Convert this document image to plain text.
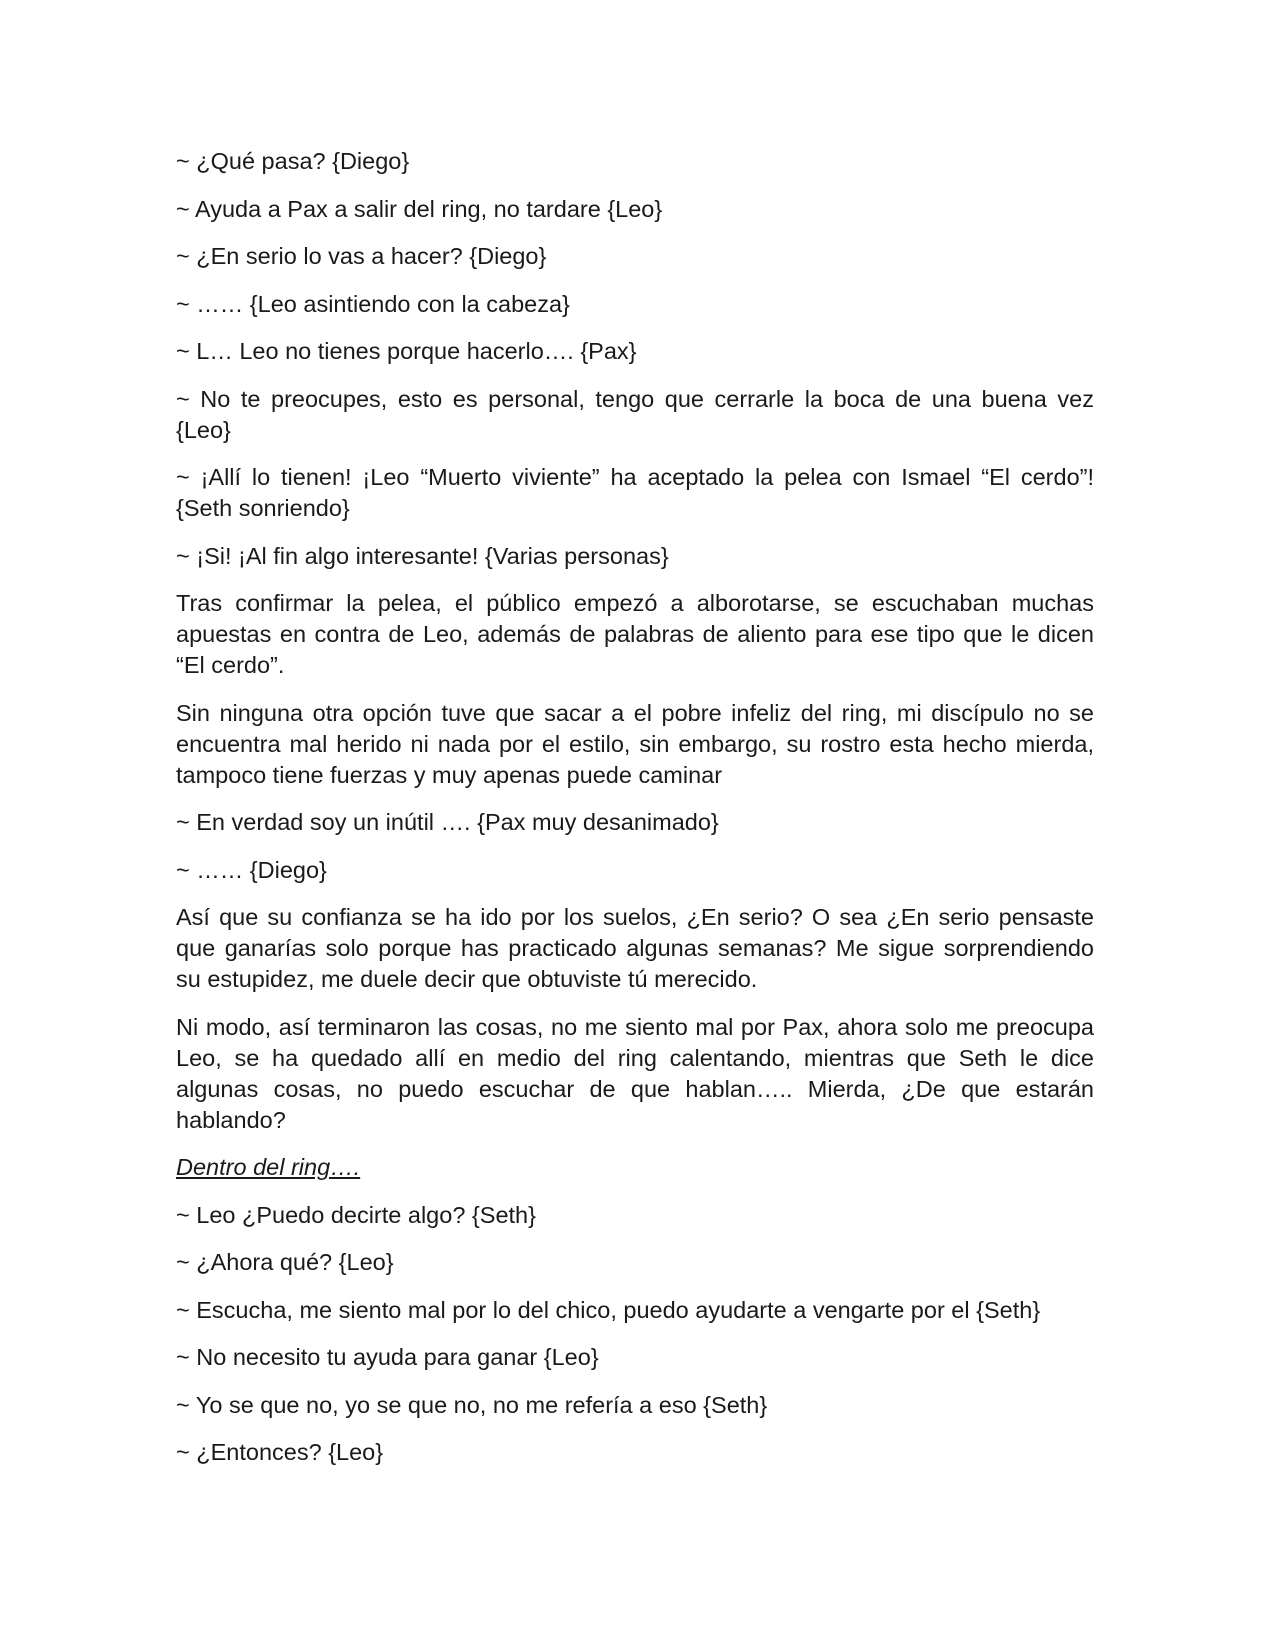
~ ¿Qué pasa? {Diego}

~ Ayuda a Pax a salir del ring, no tardare {Leo}

~ ¿En serio lo vas a hacer? {Diego}

~ …… {Leo asintiendo con la cabeza}

~ L… Leo no tienes porque hacerlo…. {Pax}

~ No te preocupes, esto es personal, tengo que cerrarle la boca de una buena vez {Leo}

~ ¡Allí lo tienen! ¡Leo “Muerto viviente” ha aceptado la pelea con Ismael “El cerdo”! {Seth sonriendo}

~ ¡Si! ¡Al fin algo interesante! {Varias personas}

Tras confirmar la pelea, el público empezó a alborotarse, se escuchaban muchas apuestas en contra de Leo, además de palabras de aliento para ese tipo que le dicen “El cerdo”.

Sin ninguna otra opción tuve que sacar a el pobre infeliz del ring, mi discípulo no se encuentra mal herido ni nada por el estilo, sin embargo, su rostro esta hecho mierda, tampoco tiene fuerzas y muy apenas puede caminar

~ En verdad soy un inútil …. {Pax muy desanimado}

~ …… {Diego}

Así que su confianza se ha ido por los suelos, ¿En serio? O sea ¿En serio pensaste que ganarías solo porque has practicado algunas semanas? Me sigue sorprendiendo su estupidez, me duele decir que obtuviste tú merecido.

Ni modo, así terminaron las cosas, no me siento mal por Pax, ahora solo me preocupa Leo, se ha quedado allí en medio del ring calentando, mientras que Seth le dice algunas cosas, no puedo escuchar de que hablan….. Mierda, ¿De que estarán hablando?

Dentro del ring….

~ Leo ¿Puedo decirte algo? {Seth}

~ ¿Ahora qué? {Leo}

~ Escucha, me siento mal por lo del chico, puedo ayudarte a vengarte por el {Seth}

~ No necesito tu ayuda para ganar {Leo}

~ Yo se que no, yo se que no, no me refería a eso {Seth}

~ ¿Entonces? {Leo}
